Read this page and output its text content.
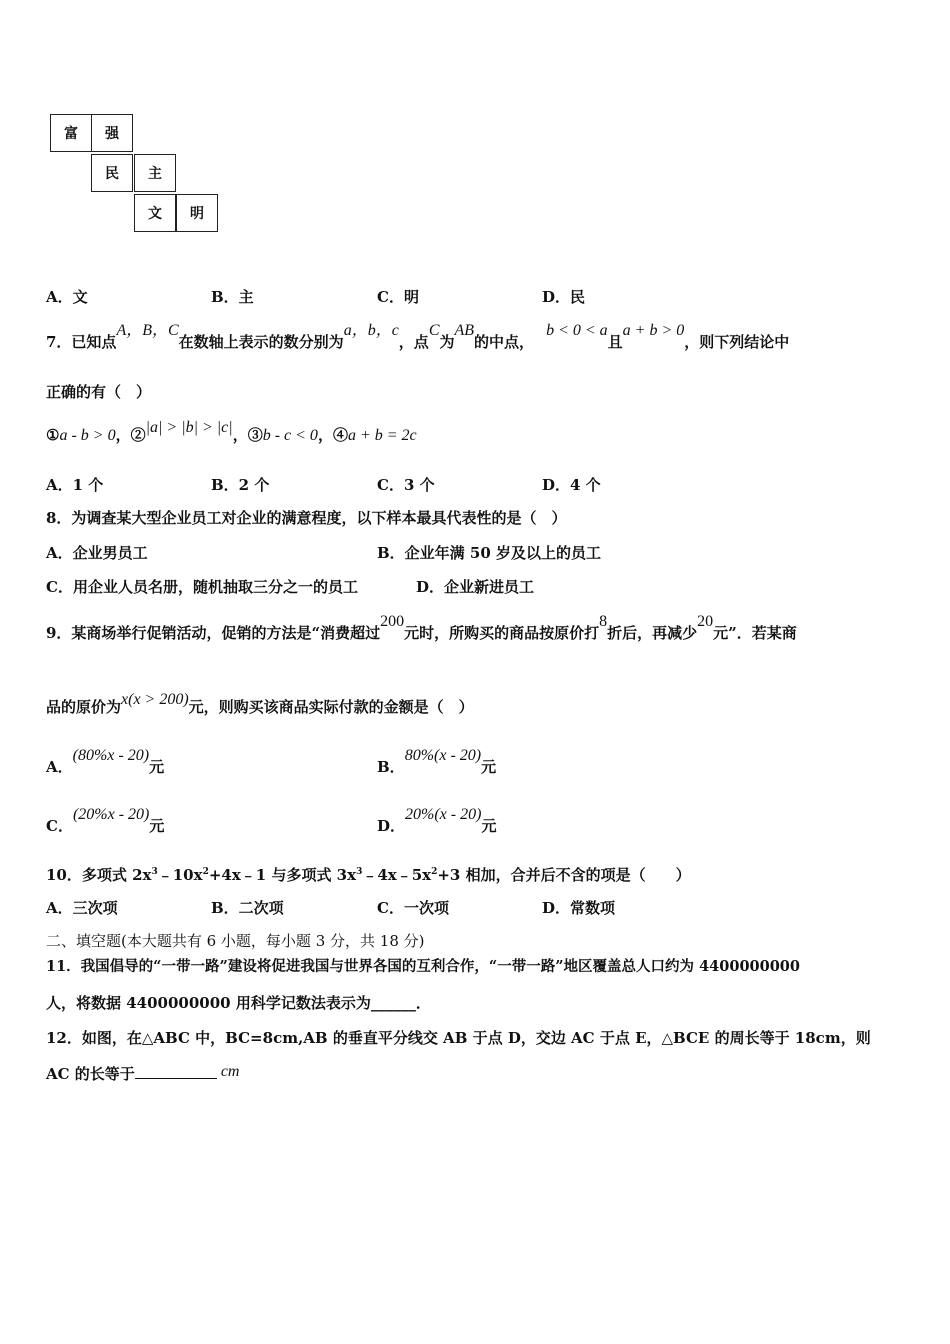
富	强
民	主
文	明
A．文	B．主	C．明	D．民
7．已知点A，B，C在数轴上表示的数分别为a，b，c，点C为AB的中点，b < 0 < a且a + b > 0，则下列结论中
正确的有（　）
①a - b > 0，②|a| > |b| > |c|，③b - c < 0，④a + b = 2c
A．1 个	B．2 个	C．3 个	D．4 个
8．为调查某大型企业员工对企业的满意程度，以下样本最具代表性的是（　）
A．企业男员工	B．企业年满 50 岁及以上的员工
C．用企业人员名册，随机抽取三分之一的员工	D．企业新进员工
9．某商场举行促销活动，促销的方法是“消费超过200元时，所购买的商品按原价打8折后，再减少20元”．若某商
品的原价为x(x > 200)元，则购买该商品实际付款的金额是（　）
A．(80%x - 20)元	B．80%(x - 20)元
C．(20%x - 20)元	D．20%(x - 20)元
10．多项式 $2x^3﹣10x^2+4x﹣1$ 与多项式 $3x^3﹣4x﹣5x^2+3$ 相加，合并后不含的项是（　　）
A．三次项	B．二次项	C．一次项	D．常数项
二、填空题(本大题共有 6 小题，每小题 3 分，共 18 分)
11．我国倡导的“一带一路”建设将促进我国与世界各国的互利合作，“一带一路”地区覆盖总人口约为 4400000000
人，将数据 4400000000 用科学记数法表示为______．
12．如图，在△ABC 中，BC=8cm,AB 的垂直平分线交 AB 于点 D，交边 AC 于点 E，△BCE 的周长等于 18cm，则
AC 的长等于	cm
